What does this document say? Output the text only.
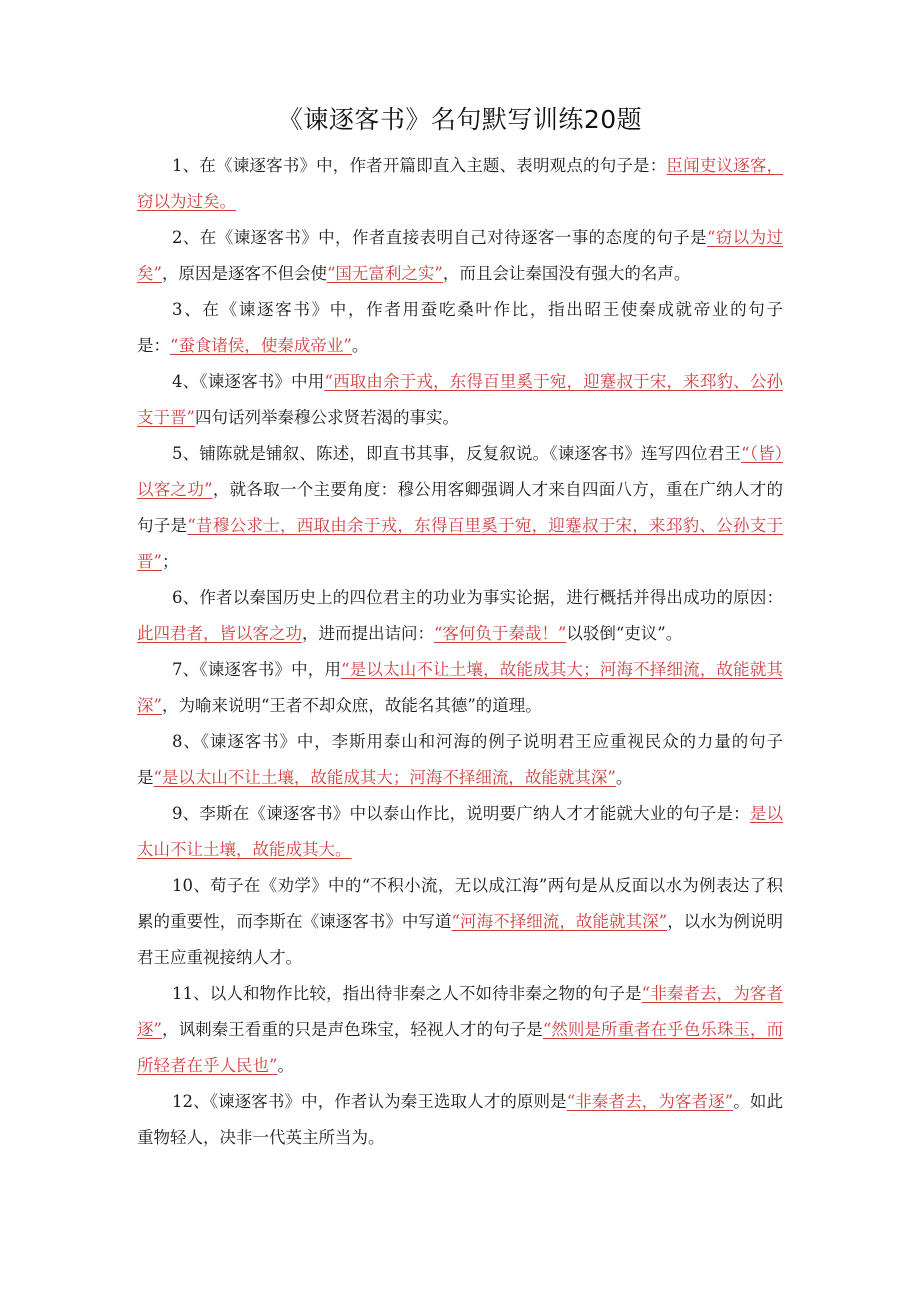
《谏逐客书》名句默写训练20题

1、在《谏逐客书》中，作者开篇即直入主题、表明观点的句子是：臣闻吏议逐客，窃以为过矣。

2、在《谏逐客书》中，作者直接表明自己对待逐客一事的态度的句子是“窃以为过矣”，原因是逐客不但会使“国无富利之实”，而且会让秦国没有强大的名声。

3、在《谏逐客书》中，作者用蚕吃桑叶作比，指出昭王使秦成就帝业的句子是：“蚕食诸侯，使秦成帝业”。

4、《谏逐客书》中用“西取由余于戎，东得百里奚于宛，迎蹇叔于宋，来邳豹、公孙支于晋”四句话列举秦穆公求贤若渴的事实。

5、铺陈就是铺叙、陈述，即直书其事，反复叙说。《谏逐客书》连写四位君王“（皆）以客之功”，就各取一个主要角度：穆公用客卿强调人才来自四面八方，重在广纳人才的句子是“昔穆公求士，西取由余于戎，东得百里奚于宛，迎蹇叔于宋，来邳豹、公孙支于晋”；

6、作者以秦国历史上的四位君主的功业为事实论据，进行概括并得出成功的原因：此四君者，皆以客之功，进而提出诘问：“客何负于秦哉！”以驳倒“吏议”。

7、《谏逐客书》中，用“是以太山不让土壤，故能成其大；河海不择细流，故能就其深”，为喻来说明“王者不却众庶，故能名其德”的道理。

8、《谏逐客书》中，李斯用泰山和河海的例子说明君王应重视民众的力量的句子是“是以太山不让土壤，故能成其大；河海不择细流，故能就其深”。

9、李斯在《谏逐客书》中以泰山作比，说明要广纳人才才能就大业的句子是：是以太山不让土壤，故能成其大。

10、荀子在《劝学》中的“不积小流，无以成江海”两句是从反面以水为例表达了积累的重要性，而李斯在《谏逐客书》中写道“河海不择细流，故能就其深”，以水为例说明君王应重视接纳人才。

11、以人和物作比较，指出待非秦之人不如待非秦之物的句子是“非秦者去，为客者逐”，讽刺秦王看重的只是声色珠宝，轻视人才的句子是“然则是所重者在乎色乐珠玉，而所轻者在乎人民也”。

12、《谏逐客书》中，作者认为秦王选取人才的原则是“非秦者去，为客者逐”。如此重物轻人，决非一代英主所当为。
